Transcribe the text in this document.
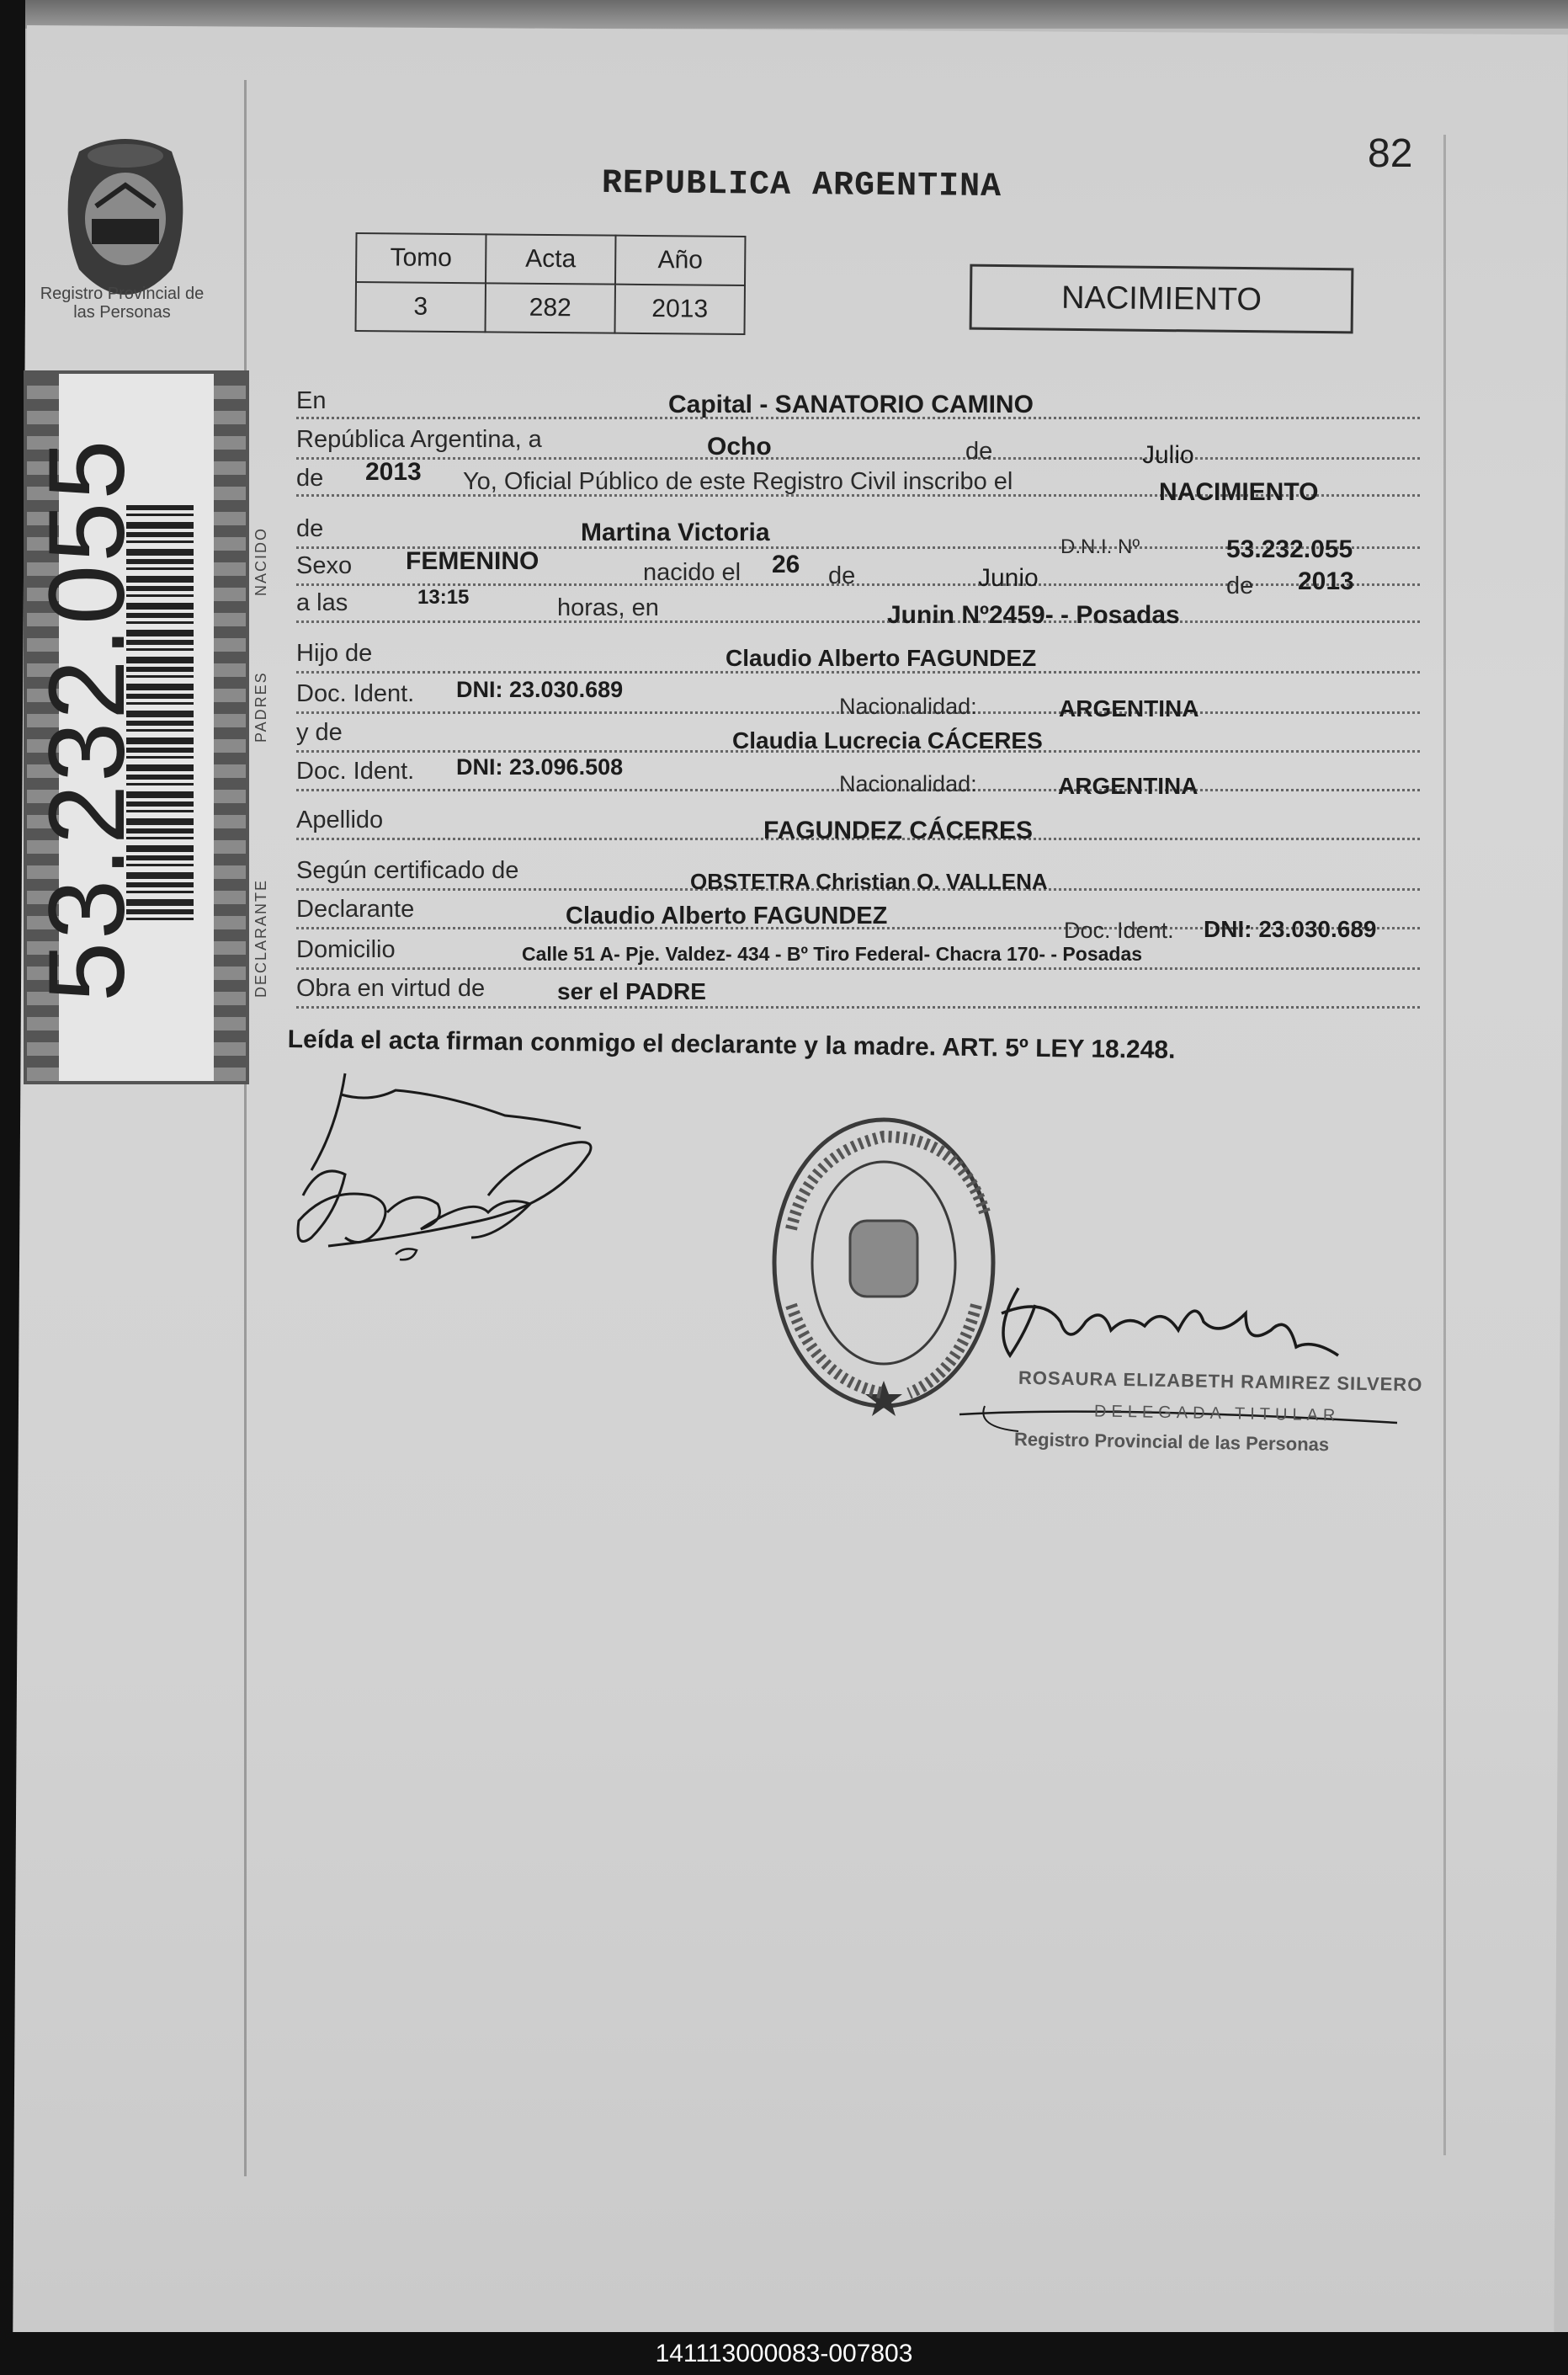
Registro Provincial de las Personas
53.232.055
82
REPUBLICA ARGENTINA
Tomo	Acta	Año
3	282	2013	NACIMIENTO
NACIDO
PADRES
DECLARANTE
En	Capital - SANATORIO CAMINO
República Argentina, a	Ocho	de	Julio
de 2013 Yo, Oficial Público de este Registro Civil inscribo el	NACIMIENTO
de	Martina Victoria
D.N.I. Nº	53.232.055
Sexo FEMENINO	nacido el 26 de	Junio	de 2013
a las	13:15	horas, en	Junin Nº2459- - Posadas
Hijo de	Claudio Alberto FAGUNDEZ
Doc. Ident. DNI: 23.030.689
Nacionalidad:	ARGENTINA
y de	Claudia Lucrecia CÁCERES
Doc. Ident. DNI: 23.096.508
Nacionalidad:	ARGENTINA
Apellido	FAGUNDEZ CÁCERES
Según certificado de	OBSTETRA Christian O. VALLENA
Declarante	Claudio Alberto FAGUNDEZ
Doc. Ident. DNI: 23.030.689
Domicilio	Calle 51 A- Pje. Valdez- 434 - Bº Tiro Federal- Chacra 170- - Posadas
Obra en virtud de	ser el PADRE
Leída el acta firman conmigo el declarante y la madre. ART. 5º LEY 18.248.
ROSAURA ELIZABETH RAMIREZ SILVERO
DELEGADA TITULAR
Registro Provincial de las Personas
141113000083-007803
